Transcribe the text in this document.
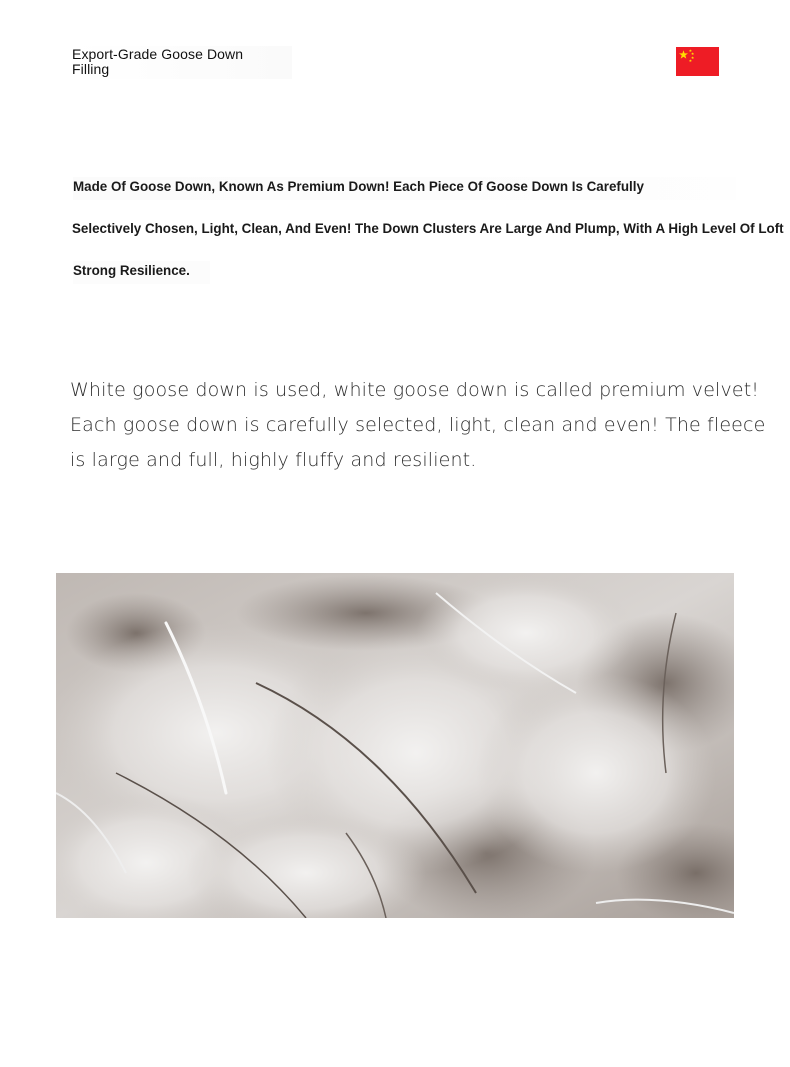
Export-Grade Goose Down
Filling
Made Of Goose Down, Known As Premium Down! Each Piece Of Goose Down Is Carefully
Selectively Chosen, Light, Clean, And Even! The Down Clusters Are Large And Plump, With A High Level Of Loft
Strong Resilience.
White goose down is used, white goose down is called premium velvet!
Each goose down is carefully selected, light, clean and even! The fleece
is large and full, highly fluffy and resilient.
